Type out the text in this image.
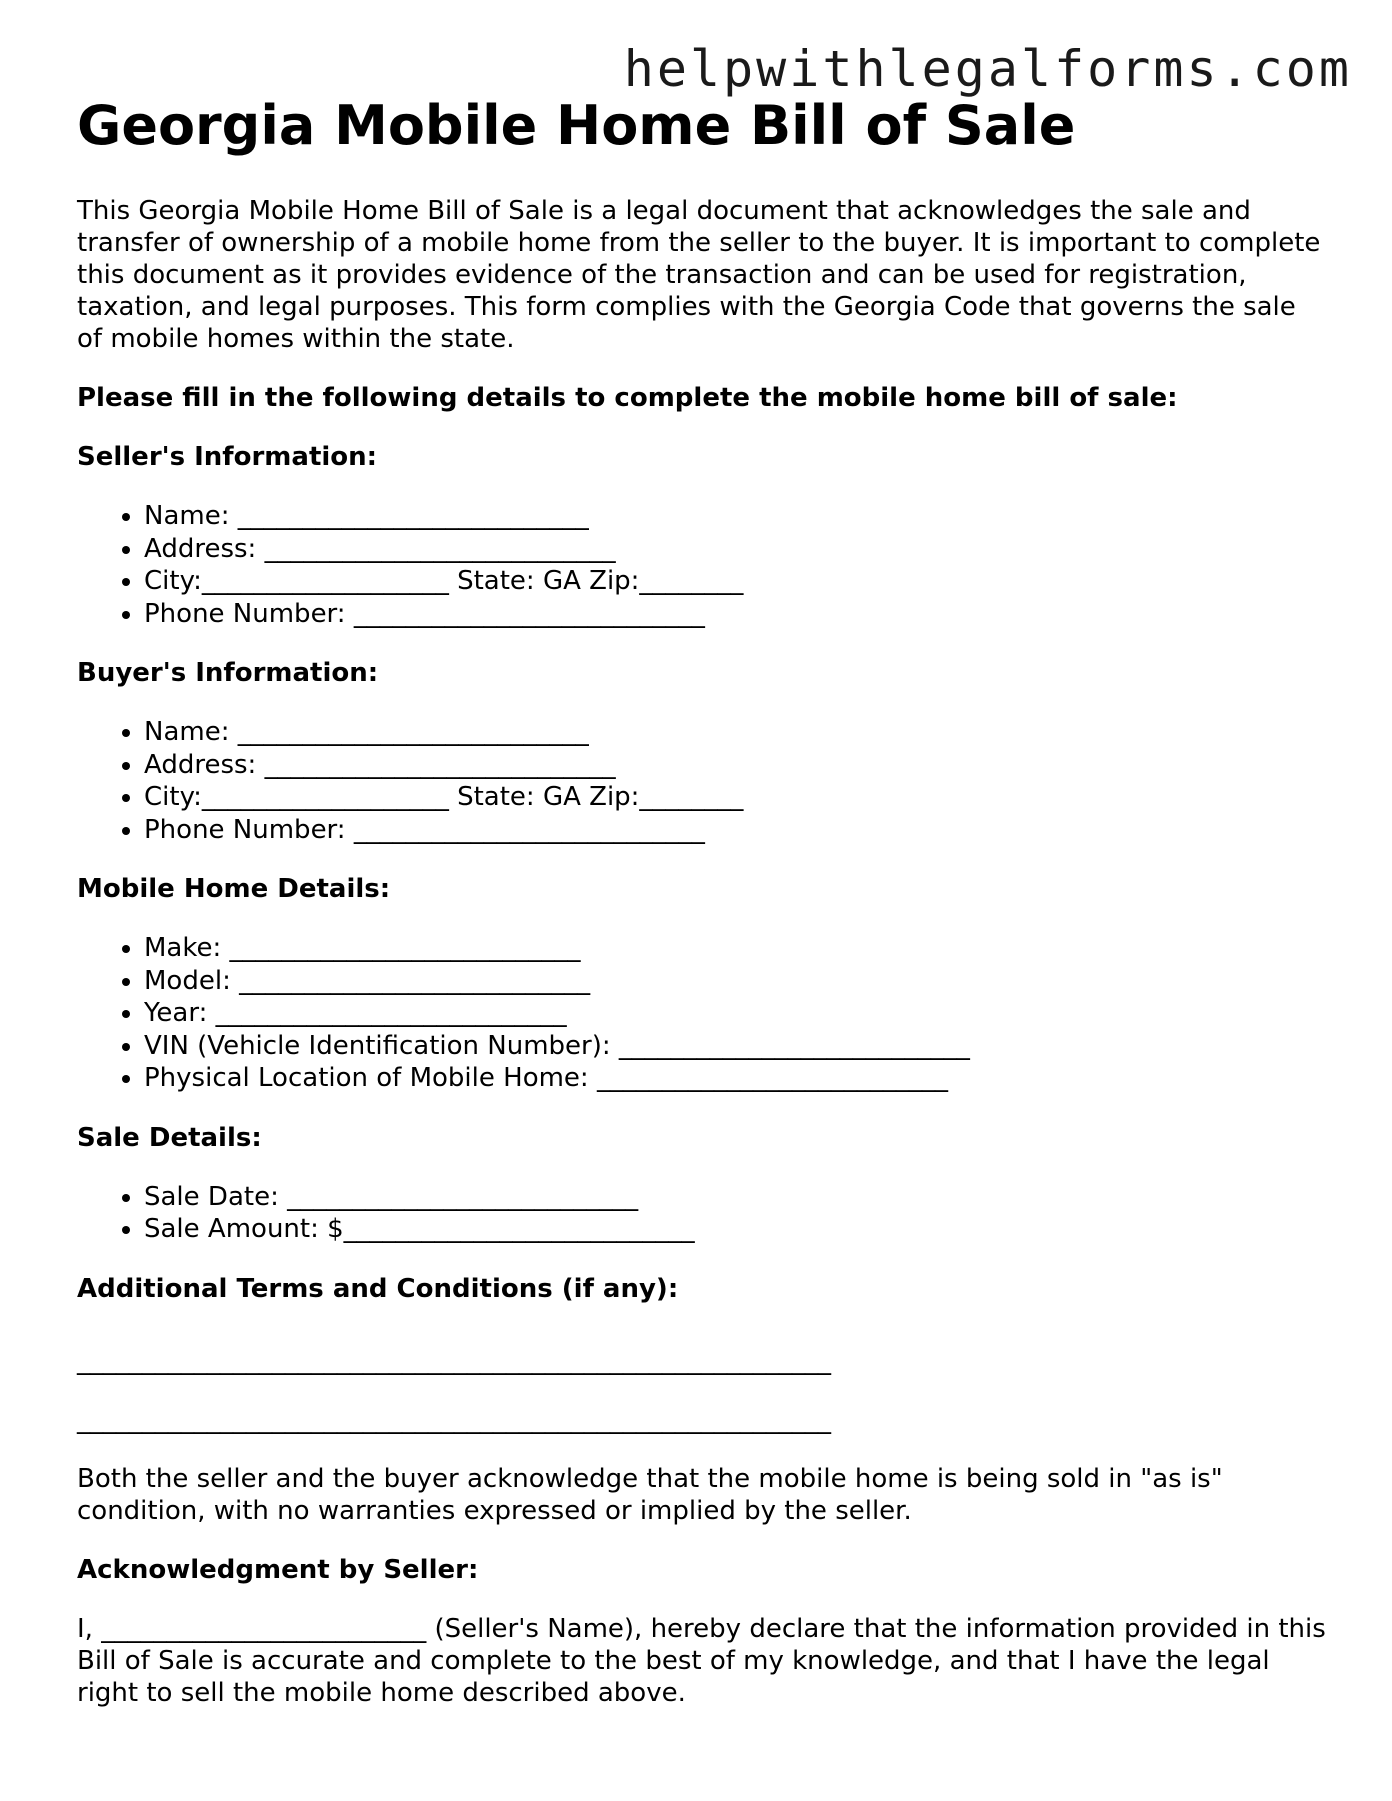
helpwithlegalforms.com
Georgia Mobile Home Bill of Sale

This Georgia Mobile Home Bill of Sale is a legal document that acknowledges the sale and transfer of ownership of a mobile home from the seller to the buyer. It is important to complete this document as it provides evidence of the transaction and can be used for registration, taxation, and legal purposes. This form complies with the Georgia Code that governs the sale of mobile homes within the state.

Please fill in the following details to complete the mobile home bill of sale:
Seller's Information:
• Name: ___________________________
• Address: ___________________________
• City:___________________ State: GA Zip:________
• Phone Number: ___________________________
Buyer's Information:
• Name: ___________________________
• Address: ___________________________
• City:___________________ State: GA Zip:________
• Phone Number: ___________________________
Mobile Home Details:
• Make: ___________________________
• Model: ___________________________
• Year: ___________________________
• VIN (Vehicle Identification Number): ___________________________
• Physical Location of Mobile Home: ___________________________
Sale Details:
• Sale Date: ___________________________
• Sale Amount: $___________________________
Additional Terms and Conditions (if any):
__________________________________________________________
__________________________________________________________

Both the seller and the buyer acknowledge that the mobile home is being sold in "as is" condition, with no warranties expressed or implied by the seller.

Acknowledgment by Seller:

I, _________________________ (Seller's Name), hereby declare that the information provided in this Bill of Sale is accurate and complete to the best of my knowledge, and that I have the legal right to sell the mobile home described above.
